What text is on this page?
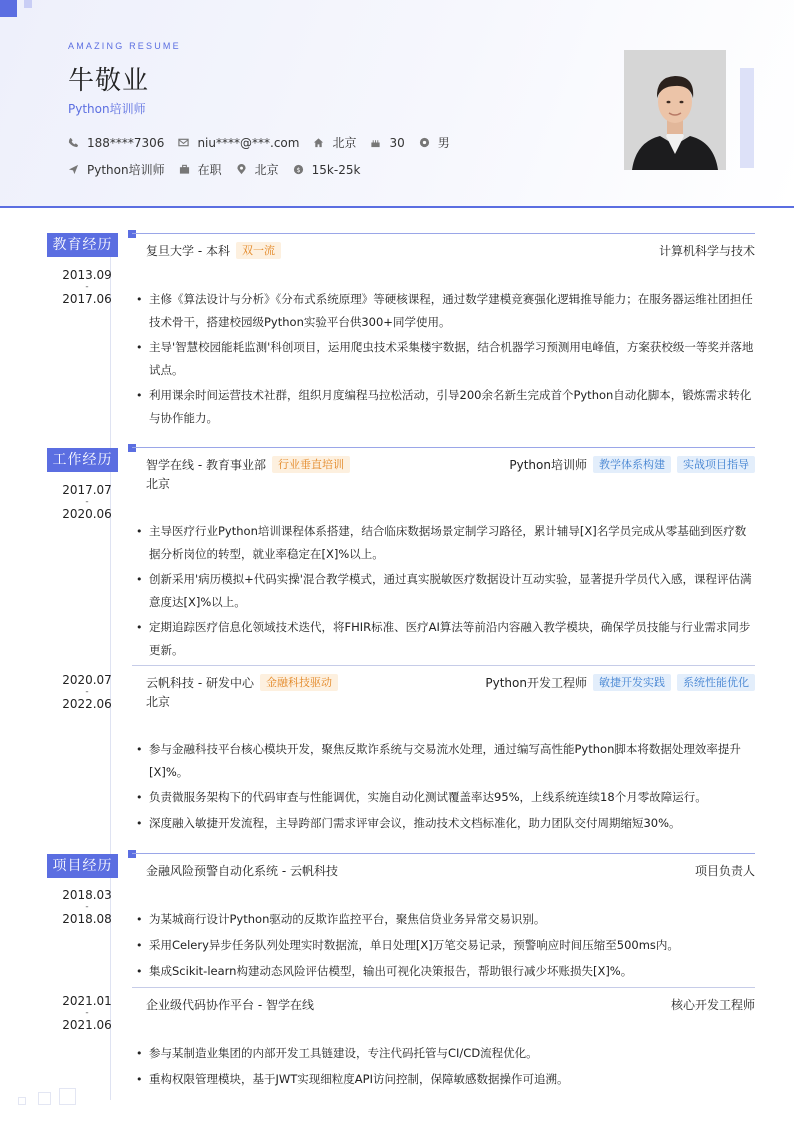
AMAZING RESUME
牛敬业
Python培训师
188****7306	niu****@***.com	北京	30	男
Python培训师	在职	北京 $ 15k-25k
教育经历
2013.09
-
2017.06
复旦大学 - 本科	双一流	计算机科学与技术
• 主修《算法设计与分析》《分布式系统原理》等硬核课程，通过数学建模竞赛强化逻辑推导能力；在服务器运维社团担任技术骨干，搭建校园级Python实验平台供300+同学使用。
• 主导'智慧校园能耗监测'科创项目，运用爬虫技术采集楼宇数据，结合机器学习预测用电峰值，方案获校级一等奖并落地试点。
• 利用课余时间运营技术社群，组织月度编程马拉松活动，引导200余名新生完成首个Python自动化脚本，锻炼需求转化与协作能力。
工作经历
2017.07
-
2020.06
智学在线 - 教育事业部	行业垂直培训	Python培训师	教学体系构建	实战项目指导
北京
• 主导医疗行业Python培训课程体系搭建，结合临床数据场景定制学习路径，累计辅导[X]名学员完成从零基础到医疗数据分析岗位的转型，就业率稳定在[X]%以上。
• 创新采用'病历模拟+代码实操'混合教学模式，通过真实脱敏医疗数据设计互动实验，显著提升学员代入感，课程评估满意度达[X]%以上。
• 定期追踪医疗信息化领域技术迭代，将FHIR标准、医疗AI算法等前沿内容融入教学模块，确保学员技能与行业需求同步更新。
2020.07
-
2022.06
云帆科技 - 研发中心	金融科技驱动	Python开发工程师	敏捷开发实践	系统性能优化
北京
• 参与金融科技平台核心模块开发，聚焦反欺诈系统与交易流水处理，通过编写高性能Python脚本将数据处理效率提升[X]%。
• 负责微服务架构下的代码审查与性能调优，实施自动化测试覆盖率达95%，上线系统连续18个月零故障运行。
• 深度融入敏捷开发流程，主导跨部门需求评审会议，推动技术文档标准化，助力团队交付周期缩短30%。
项目经历
2018.03
-
2018.08
金融风险预警自动化系统 - 云帆科技	项目负责人
• 为某城商行设计Python驱动的反欺诈监控平台，聚焦信贷业务异常交易识别。
• 采用Celery异步任务队列处理实时数据流，单日处理[X]万笔交易记录，预警响应时间压缩至500ms内。
• 集成Scikit-learn构建动态风险评估模型，输出可视化决策报告，帮助银行减少坏账损失[X]%。
2021.01
-
2021.06
企业级代码协作平台 - 智学在线	核心开发工程师
• 参与某制造业集团的内部开发工具链建设，专注代码托管与CI/CD流程优化。
• 重构权限管理模块，基于JWT实现细粒度API访问控制，保障敏感数据操作可追溯。
